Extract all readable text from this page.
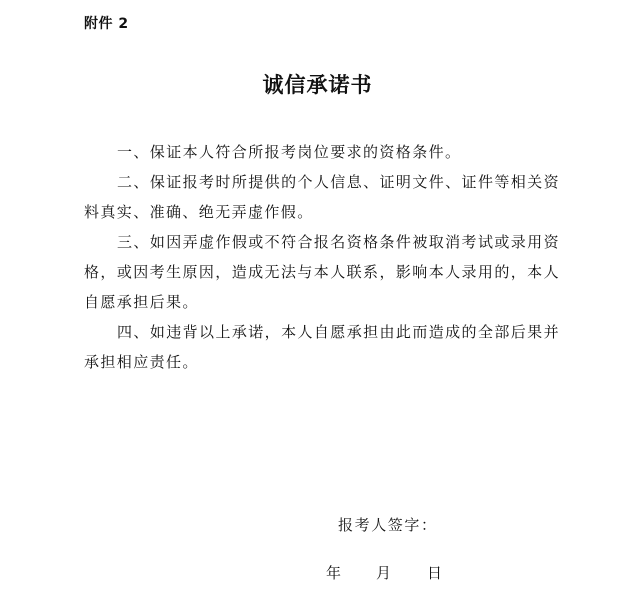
附件 2
诚信承诺书

一、保证本人符合所报考岗位要求的资格条件。

二、保证报考时所提供的个人信息、证明文件、证件等相关资料真实、准确、绝无弄虚作假。

三、如因弄虚作假或不符合报名资格条件被取消考试或录用资格，或因考生原因，造成无法与本人联系，影响本人录用的，本人自愿承担后果。

四、如违背以上承诺，本人自愿承担由此而造成的全部后果并承担相应责任。

报考人签字：
年 月 日
